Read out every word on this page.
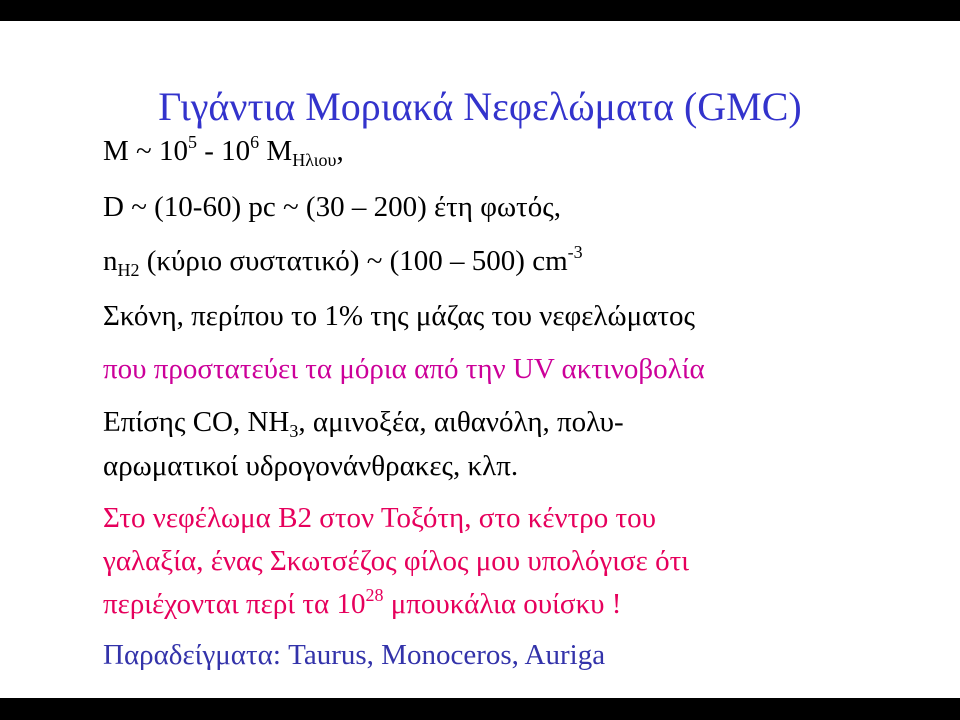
Γιγάντια Μοριακά Νεφελώματα (GMC)
M ~ $10^5 - 10^6$ $M_{H\lambda\iota o\upsilon}$,
D ~ (10-60) pc ~ (30 – 200) έτη φωτός,
$n_{H2}$ (κύριο συστατικό) ~ (100 – 500) $cm^{-3}$
Σκόνη, περίπου το 1% της μάζας του νεφελώματος
που προστατεύει τα μόρια από την UV ακτινοβολία
Επίσης CO, $NH_3$, αμινοξέα, αιθανόλη, πολυ-
αρωματικοί υδρογονάνθρακες, κλπ.
Στο νεφέλωμα B2 στον Τοξότη, στο κέντρο του
γαλαξία, ένας Σκωτσέζος φίλος μου υπολόγισε ότι
περιέχονται περί τα $10^{28}$ μπουκάλια ουίσκυ !
Παραδείγματα: Taurus, Monoceros, Auriga
